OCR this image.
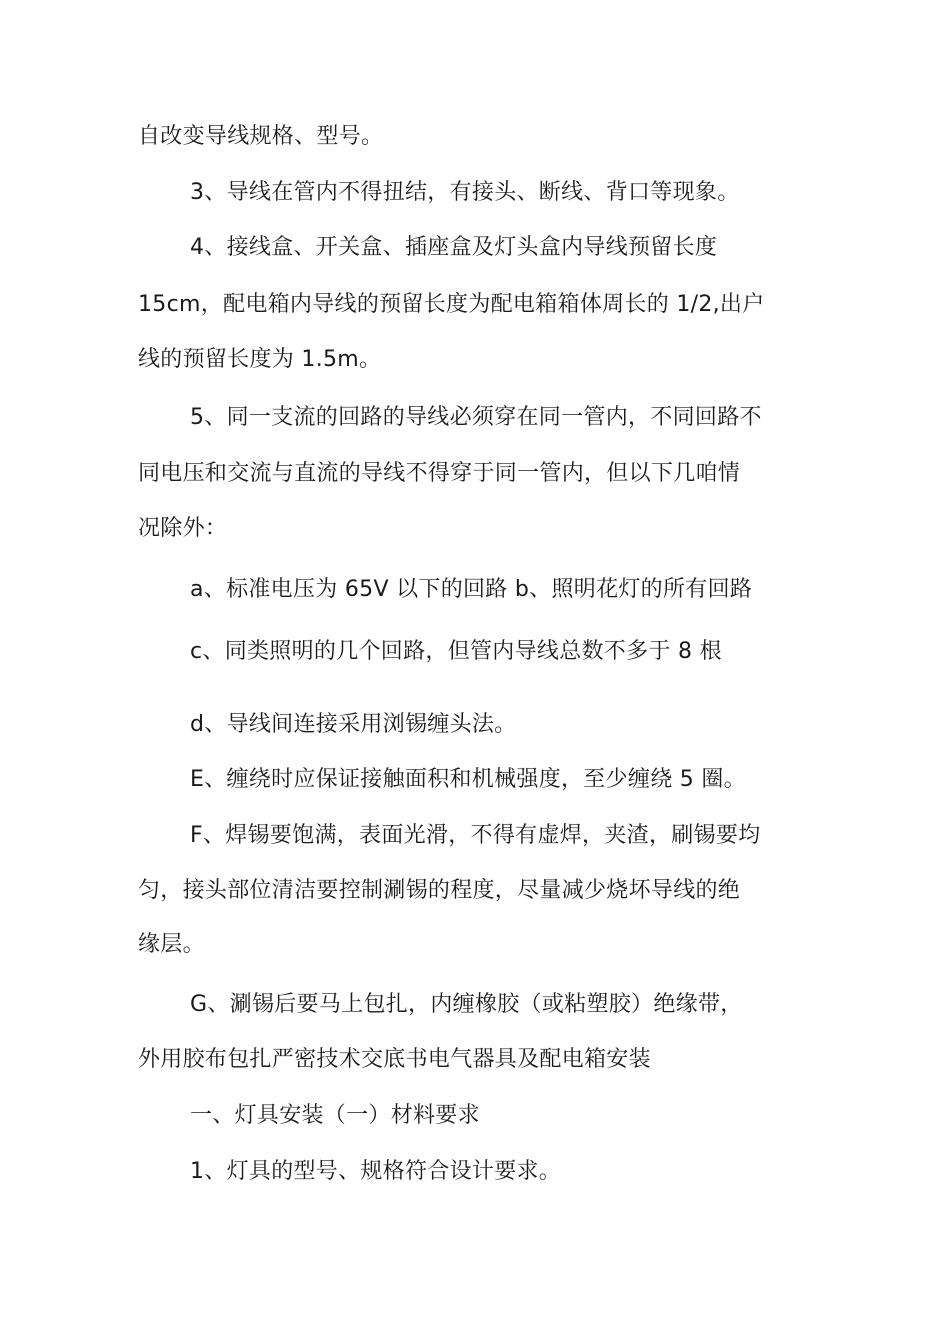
自改变导线规格、型号。
3、导线在管内不得扭结，有接头、断线、背口等现象。
4、接线盒、开关盒、插座盒及灯头盒内导线预留长度
15cm，配电箱内导线的预留长度为配电箱箱体周长的 1/2,出户
线的预留长度为 1.5m。
5、同一支流的回路的导线必须穿在同一管内，不同回路不
同电压和交流与直流的导线不得穿于同一管内，但以下几咱情
况除外：
a、标准电压为 65V 以下的回路 b、照明花灯的所有回路
c、同类照明的几个回路，但管内导线总数不多于 8 根
d、导线间连接采用浏锡缠头法。
E、缠绕时应保证接触面积和机械强度，至少缠绕 5 圈。
F、焊锡要饱满，表面光滑，不得有虚焊，夹渣，刷锡要均
匀，接头部位清洁要控制涮锡的程度，尽量减少烧坏导线的绝
缘层。
G、涮锡后要马上包扎，内缠橡胶（或粘塑胶）绝缘带，
外用胶布包扎严密技术交底书电气器具及配电箱安装
一、灯具安装（一）材料要求
1、灯具的型号、规格符合设计要求。
